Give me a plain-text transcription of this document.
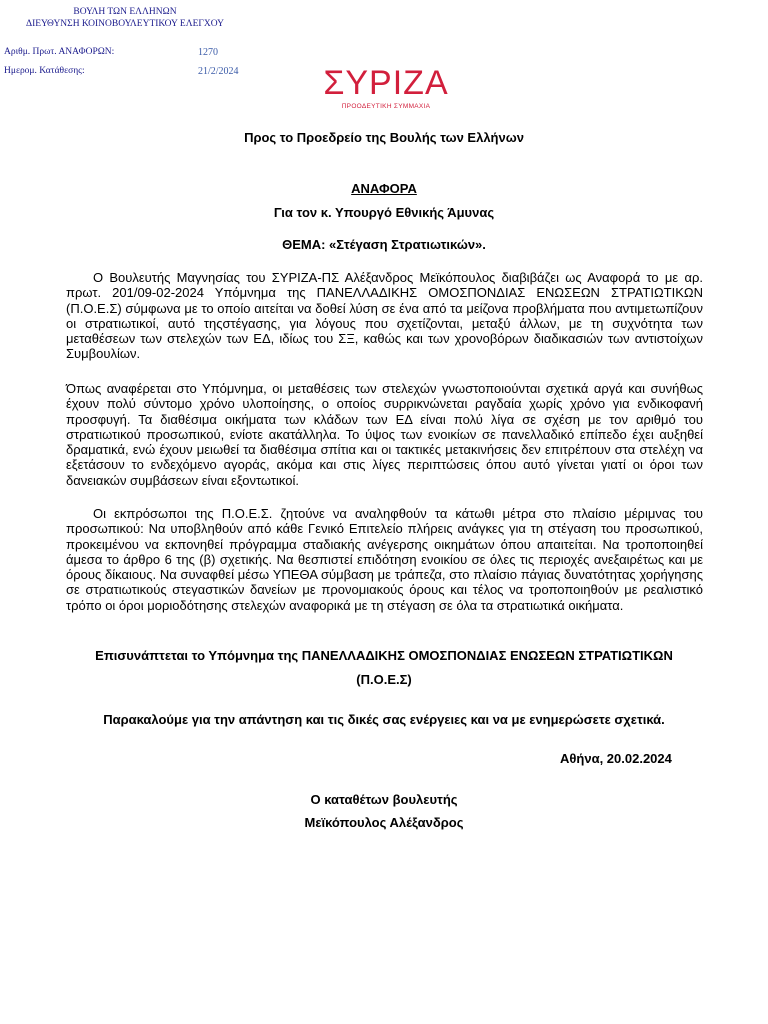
ΒΟΥΛΗ ΤΩΝ ΕΛΛΗΝΩΝ
ΔΙΕΥΘΥΝΣΗ ΚΟΙΝΟΒΟΥΛΕΥΤΙΚΟΥ ΕΛΕΓΧΟΥ
Αριθμ. Πρωτ. ΑΝΑΦΟΡΩΝ:	1270
Ημερομ. Κατάθεσης:	21/2/2024 ΣΥΡΙΖΑ
ΠΡΟΟΔΕΥΤΙΚΗ ΣΥΜΜΑΧΙΑ
Προς το Προεδρείο της Βουλής των Ελλήνων
ΑΝΑΦΟΡΑ
Για τον κ. Υπουργό Εθνικής Άμυνας
ΘΕΜΑ: «Στέγαση Στρατιωτικών».

Ο Βουλευτής Μαγνησίας του ΣΥΡΙΖΑ-ΠΣ Αλέξανδρος Μεϊκόπουλος διαβιβάζει ως Αναφορά το με αρ. πρωτ. 201/09-02-2024 Υπόμνημα της ΠΑΝΕΛΛΑΔΙΚΗΣ ΟΜΟΣΠΟΝΔΙΑΣ ΕΝΩΣΕΩΝ ΣΤΡΑΤΙΩΤΙΚΩΝ (Π.Ο.Ε.Σ) σύμφωνα με το οποίο αιτείται να δοθεί λύση σε ένα από τα μείζονα προβλήματα που αντιμετωπίζουν οι στρατιωτικοί, αυτό τηςστέγασης, για λόγους που σχετίζονται, μεταξύ άλλων, με τη συχνότητα των μεταθέσεων των στελεχών των ΕΔ, ιδίως του ΣΞ, καθώς και των χρονοβόρων διαδικασιών των αντιστοίχων Συμβουλίων.

Όπως αναφέρεται στο Υπόμνημα, οι μεταθέσεις των στελεχών γνωστοποιούνται σχετικά αργά και συνήθως έχουν πολύ σύντομο χρόνο υλοποίησης, ο οποίος συρρικνώνεται ραγδαία χωρίς χρόνο για ενδικοφανή προσφυγή. Τα διαθέσιμα οικήματα των κλάδων των ΕΔ είναι πολύ λίγα σε σχέση με τον αριθμό του στρατιωτικού προσωπικού, ενίοτε ακατάλληλα. Το ύψος των ενοικίων σε πανελλαδικό επίπεδο έχει αυξηθεί δραματικά, ενώ έχουν μειωθεί τα διαθέσιμα σπίτια και οι τακτικές μετακινήσεις δεν επιτρέπουν στα στελέχη να εξετάσουν το ενδεχόμενο αγοράς, ακόμα και στις λίγες περιπτώσεις όπου αυτό γίνεται γιατί οι όροι των δανειακών συμβάσεων είναι εξοντωτικοί.

Οι εκπρόσωποι της Π.Ο.Ε.Σ. ζητούνε να αναληφθούν τα κάτωθι μέτρα στο πλαίσιο μέριμνας του προσωπικού: Να υποβληθούν από κάθε Γενικό Επιτελείο πλήρεις ανάγκες για τη στέγαση του προσωπικού, προκειμένου να εκπονηθεί πρόγραμμα σταδιακής ανέγερσης οικημάτων όπου απαιτείται. Να τροποποιηθεί άμεσα το άρθρο 6 της (β) σχετικής. Να θεσπιστεί επιδότηση ενοικίου σε όλες τις περιοχές ανεξαιρέτως και με όρους δίκαιους. Να συναφθεί μέσω ΥΠΕΘΑ σύμβαση με τράπεζα, στο πλαίσιο πάγιας δυνατότητας χορήγησης σε στρατιωτικούς στεγαστικών δανείων με προνομιακούς όρους και τέλος να τροποποιηθούν με ρεαλιστικό τρόπο οι όροι μοριοδότησης στελεχών αναφορικά με τη στέγαση σε όλα τα στρατιωτικά οικήματα.

Επισυνάπτεται το Υπόμνημα της ΠΑΝΕΛΛΑΔΙΚΗΣ ΟΜΟΣΠΟΝΔΙΑΣ ΕΝΩΣΕΩΝ ΣΤΡΑΤΙΩΤΙΚΩΝ
(Π.Ο.Ε.Σ)
Παρακαλούμε για την απάντηση και τις δικές σας ενέργειες και να με ενημερώσετε σχετικά.
Αθήνα, 20.02.2024
Ο καταθέτων βουλευτής
Μεϊκόπουλος Αλέξανδρος
